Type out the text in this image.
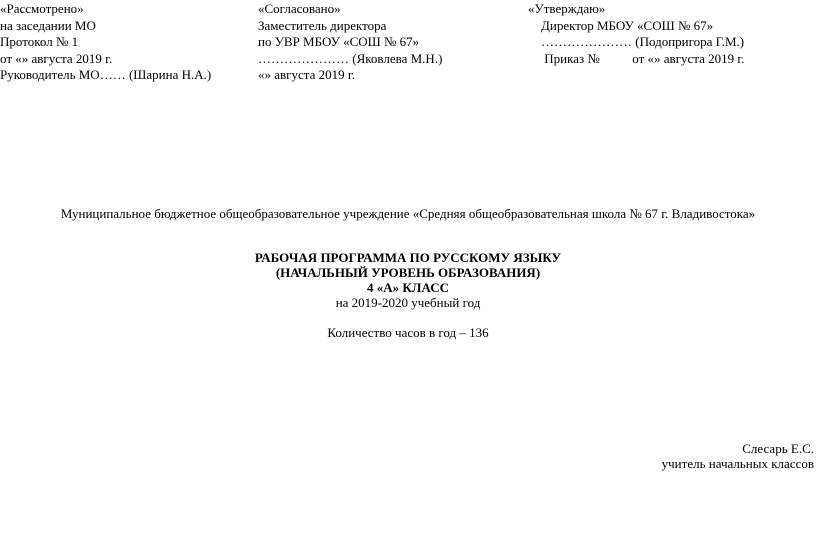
«Рассмотрено»
на заседании МО
Протокол № 1
от «» августа 2019 г.
Руководитель МО…… (Шарина Н.А.)
«Согласовано»
Заместитель директора
по УВР МБОУ «СОШ № 67»
………………… (Яковлева М.Н.)
«» августа 2019 г.
«Утверждаю»
Директор МБОУ «СОШ № 67»
………………… (Подопригора Г.М.)
Приказ №          от «» августа 2019 г.
Муниципальное бюджетное общеобразовательное учреждение «Средняя общеобразовательная школа № 67 г. Владивостока»
РАБОЧАЯ ПРОГРАММА ПО РУССКОМУ ЯЗЫКУ
(НАЧАЛЬНЫЙ УРОВЕНЬ ОБРАЗОВАНИЯ)
4 «А» КЛАСС
на 2019-2020 учебный год
Количество часов в год – 136
Слесарь Е.С.
учитель начальных классов
